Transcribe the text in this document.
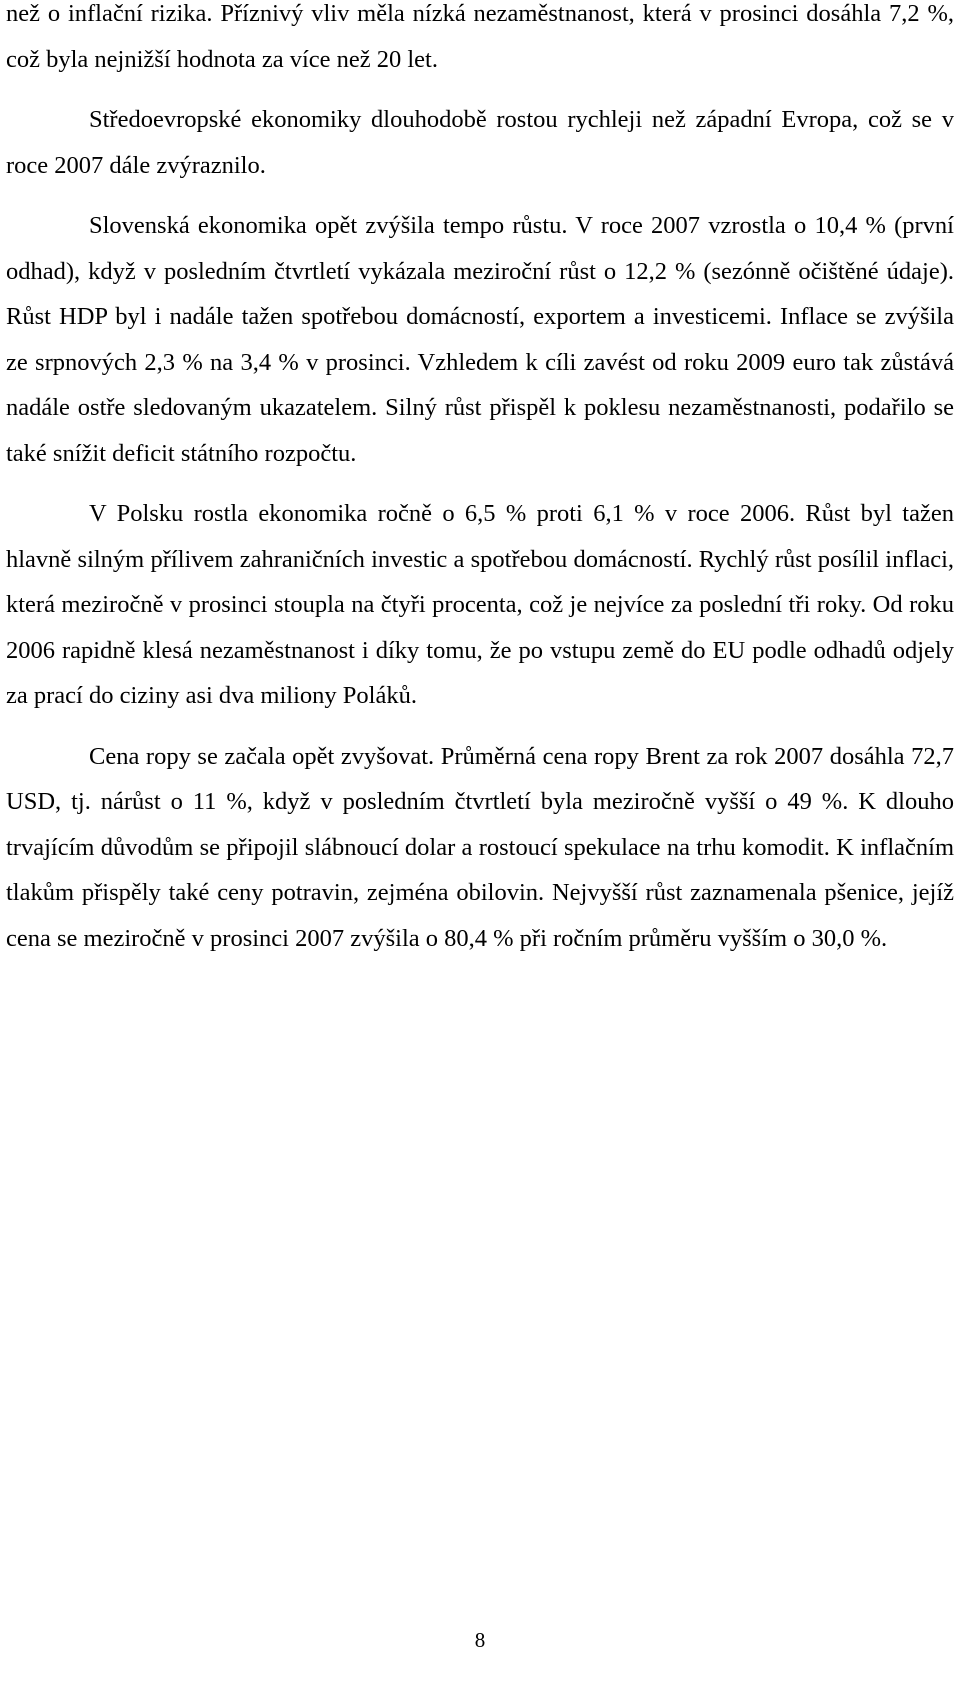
než o inflační rizika. Příznivý vliv měla nízká nezaměstnanost, která v prosinci dosáhla 7,2 %, což byla nejnižší hodnota za více než 20 let.

Středoevropské ekonomiky dlouhodobě rostou rychleji než západní Evropa, což se v roce 2007 dále zvýraznilo.

Slovenská ekonomika opět zvýšila tempo růstu. V roce 2007 vzrostla o 10,4 % (první odhad), když v posledním čtvrtletí vykázala meziroční růst o 12,2 % (sezónně očištěné údaje). Růst HDP byl i nadále tažen spotřebou domácností, exportem a investicemi. Inflace se zvýšila ze srpnových 2,3 % na 3,4 % v prosinci. Vzhledem k cíli zavést od roku 2009 euro tak zůstává nadále ostře sledovaným ukazatelem. Silný růst přispěl k poklesu nezaměstnanosti, podařilo se také snížit deficit státního rozpočtu.

V Polsku rostla ekonomika ročně o 6,5 % proti 6,1 % v roce 2006. Růst byl tažen hlavně silným přílivem zahraničních investic a spotřebou domácností. Rychlý růst posílil inflaci, která meziročně v prosinci stoupla na čtyři procenta, což je nejvíce za poslední tři roky. Od roku 2006 rapidně klesá nezaměstnanost i díky tomu, že po vstupu země do EU podle odhadů odjely za prací do ciziny asi dva miliony Poláků.

Cena ropy se začala opět zvyšovat. Průměrná cena ropy Brent za rok 2007 dosáhla 72,7 USD, tj. nárůst o 11 %, když v posledním čtvrtletí byla meziročně vyšší o 49 %. K dlouho trvajícím důvodům se připojil slábnoucí dolar a rostoucí spekulace na trhu komodit. K inflačním tlakům přispěly také ceny potravin, zejména obilovin. Nejvyšší růst zaznamenala pšenice, jejíž cena se meziročně v prosinci 2007 zvýšila o 80,4 % při ročním průměru vyšším o 30,0 %.

8
